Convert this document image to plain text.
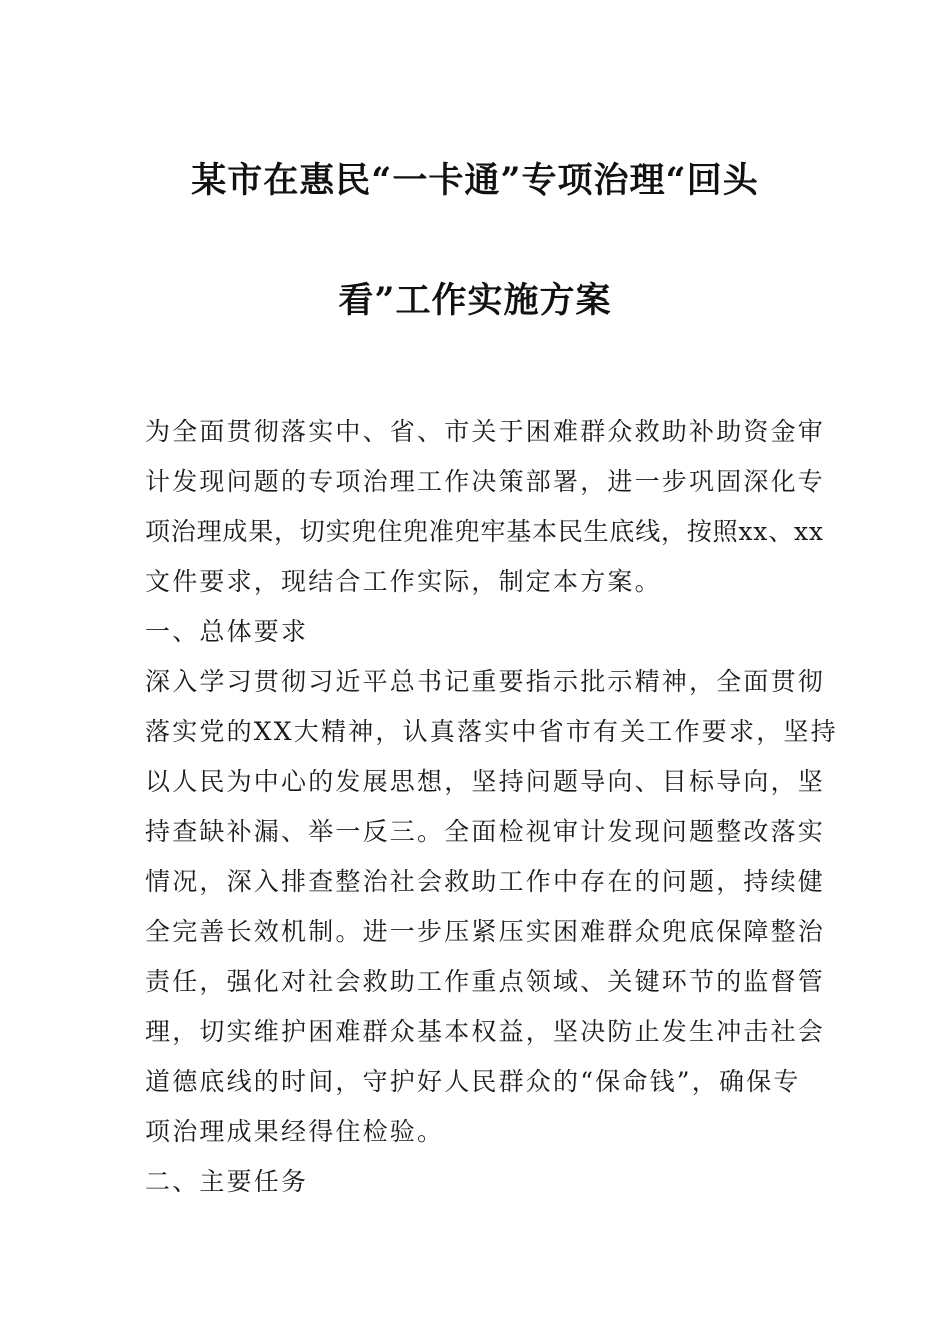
某市在惠民“一卡通”专项治理“回头
看”工作实施方案
为全面贯彻落实中、省、市关于困难群众救助补助资金审
计发现问题的专项治理工作决策部署，进一步巩固深化专
项治理成果，切实兜住兜准兜牢基本民生底线，按照xx、xx
文件要求，现结合工作实际，制定本方案。
一、总体要求
深入学习贯彻习近平总书记重要指示批示精神，全面贯彻
落实党的XX大精神，认真落实中省市有关工作要求，坚持
以人民为中心的发展思想，坚持问题导向、目标导向，坚
持查缺补漏、举一反三。全面检视审计发现问题整改落实
情况，深入排查整治社会救助工作中存在的问题，持续健
全完善长效机制。进一步压紧压实困难群众兜底保障整治
责任，强化对社会救助工作重点领域、关键环节的监督管
理，切实维护困难群众基本权益，坚决防止发生冲击社会
道德底线的时间，守护好人民群众的“保命钱”，确保专
项治理成果经得住检验。
二、主要任务
